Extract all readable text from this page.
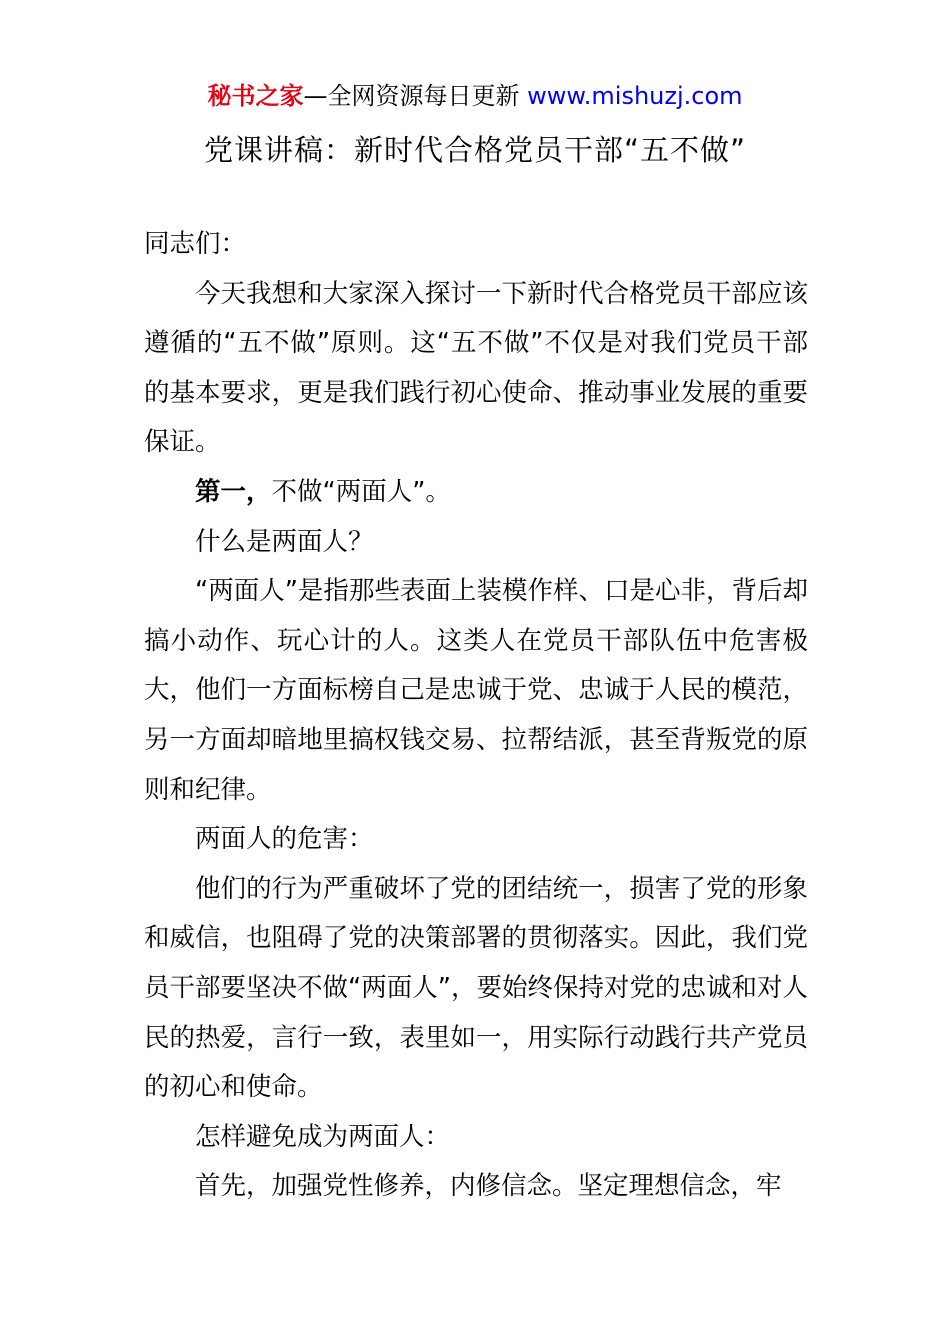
秘书之家—全网资源每日更新 www.mishuzj.com
党课讲稿：新时代合格党员干部“五不做”

同志们：

今天我想和大家深入探讨一下新时代合格党员干部应该遵循的“五不做”原则。这“五不做”不仅是对我们党员干部的基本要求，更是我们践行初心使命、推动事业发展的重要保证。

第一，不做“两面人”。

什么是两面人？

“两面人”是指那些表面上装模作样、口是心非，背后却搞小动作、玩心计的人。这类人在党员干部队伍中危害极大，他们一方面标榜自己是忠诚于党、忠诚于人民的模范，另一方面却暗地里搞权钱交易、拉帮结派，甚至背叛党的原则和纪律。

两面人的危害：

他们的行为严重破坏了党的团结统一，损害了党的形象和威信，也阻碍了党的决策部署的贯彻落实。因此，我们党员干部要坚决不做“两面人”，要始终保持对党的忠诚和对人民的热爱，言行一致，表里如一，用实际行动践行共产党员的初心和使命。

怎样避免成为两面人：

首先，加强党性修养，内修信念。坚定理想信念，牢
